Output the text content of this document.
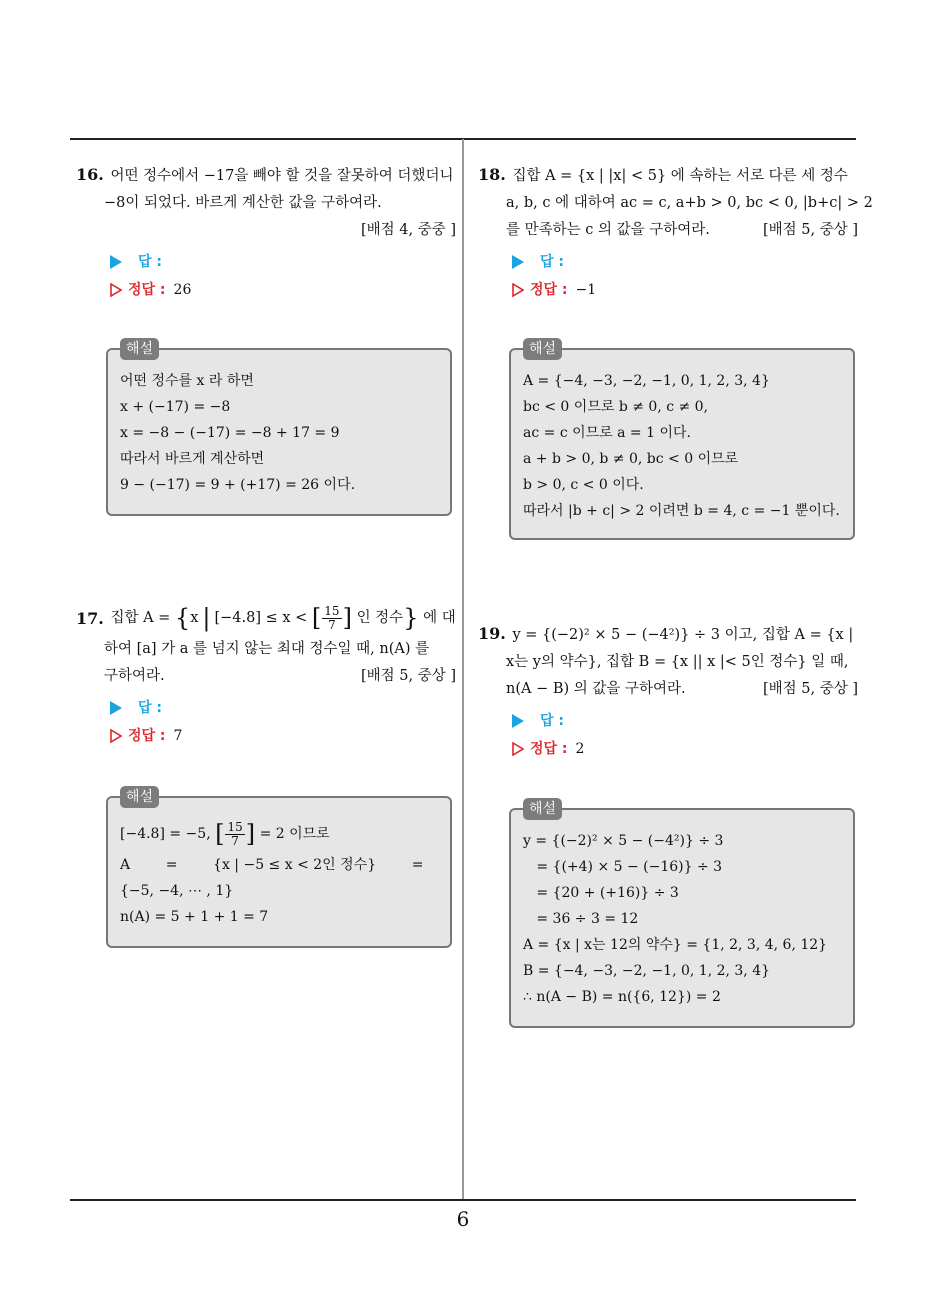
16. 어떤 정수에서 −17을 빼야 할 것을 잘못하여 더했더니
−8이 되었다. 바르게 계산한 값을 구하여라.
[배점 4, 중중 ]
답 :
정답 : 26
해설
어떤 정수를 x 라 하면
x + (−17) = −8
x = −8 − (−17) = −8 + 17 = 9
따라서 바르게 계산하면
9 − (−17) = 9 + (+17) = 26 이다.
17.
집합 A =
{ x | [−4.8] ≤ x <
[ $\frac{15}{7}$ ]
인 정수 }
에 대
하여 [a] 가 a 를 넘지 않는 최대 정수일 때, n(A) 를
구하여라.	[배점 5, 중상 ]
답 :
정답 : 7
해설
[−4.8] = −5,
[ $\frac{15}{7}$ ]
= 2 이므로
A        =        {x | −5 ≤ x < 2인 정수}        =
{−5, −4, ⋯ , 1}
n(A) = 5 + 1 + 1 = 7
18. 집합 A = {x | |x| < 5} 에 속하는 서로 다른 세 정수
a, b, c 에 대하여 ac = c, a+b > 0, bc < 0, |b+c| > 2
를 만족하는 c 의 값을 구하여라.	[배점 5, 중상 ]
답 :
정답 : −1
해설
A = {−4, −3, −2, −1, 0, 1, 2, 3, 4}
bc < 0 이므로 b ≠ 0, c ≠ 0,
ac = c 이므로 a = 1 이다.
a + b > 0, b ≠ 0, bc < 0 이므로
b > 0, c < 0 이다.
따라서 |b + c| > 2 이려면 b = 4, c = −1 뿐이다.
19. y = {(−2)² × 5 − (−4²)} ÷ 3 이고, 집합 A = {x |
x는 y의 약수}, 집합 B = {x || x |< 5인 정수} 일 때,
n(A − B) 의 값을 구하여라.	[배점 5, 중상 ]
답 :
정답 : 2
해설
y = {(−2)² × 5 − (−4²)} ÷ 3
= {(+4) × 5 − (−16)} ÷ 3
= {20 + (+16)} ÷ 3
= 36 ÷ 3 = 12
A = {x | x는 12의 약수} = {1, 2, 3, 4, 6, 12}
B = {−4, −3, −2, −1, 0, 1, 2, 3, 4}
∴ n(A − B) = n({6, 12}) = 2
6
